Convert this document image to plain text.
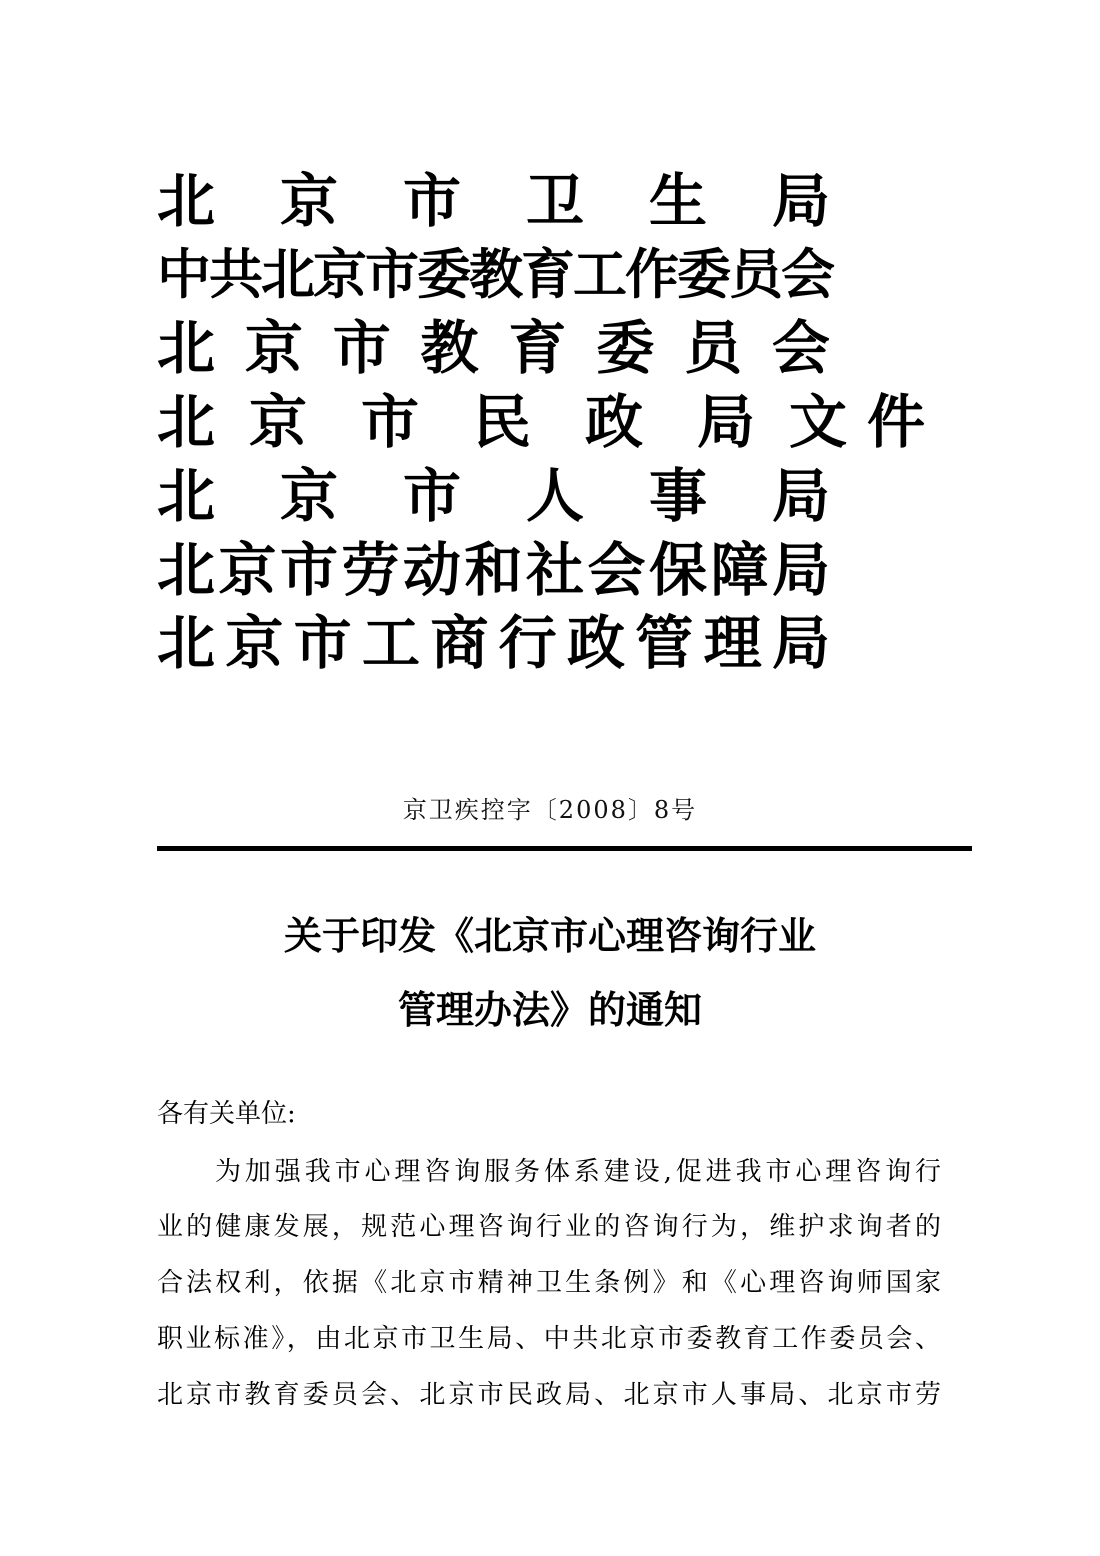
北 京 市 卫 生 局
中
共
北
京
市
委
教
育
工
作
委
员
会
北 京 市 教 育 委 员 会
北 京 市 民 政 局 文 件
北 京 市 人 事 局
北 京 市 劳 动 和 社 会 保 障 局
北 京 市 工 商 行 政 管 理 局
京卫疾控字〔2008〕8号
关于印发《北京市心理咨询行业
管理办法》的通知
各有关单位:
为加强我市心理咨询服务体系建设,促进我市心理咨询行
业的健康发展，规范心理咨询行业的咨询行为，维护求询者的
合法权利，依据《北京市精神卫生条例》和《心理咨询师国家
职业标准》，由北京市卫生局、中共北京市委教育工作委员会、
北京市教育委员会、北京市民政局、北京市人事局、北京市劳
